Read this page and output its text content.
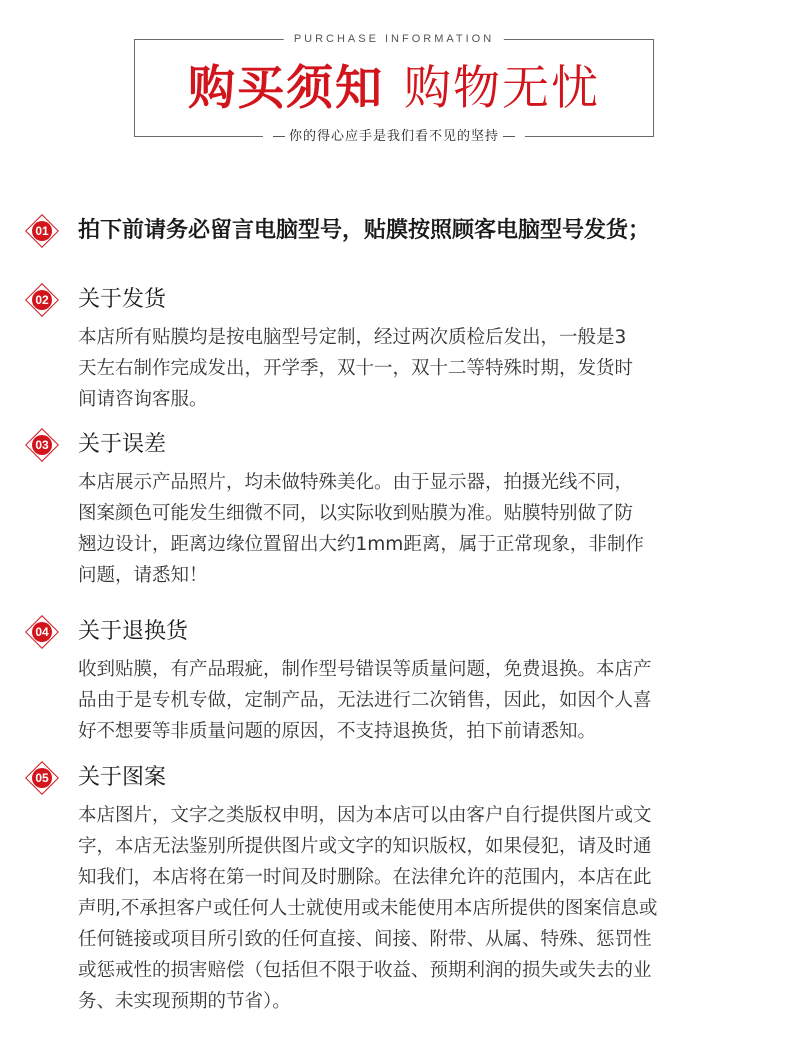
PURCHASE INFORMATION
购买须知 购物无忧
你的得心应手是我们看不见的坚持
01	拍下前请务必留言电脑型号，贴膜按照顾客电脑型号发货；
02	关于发货

本店所有贴膜均是按电脑型号定制，经过两次质检后发出，一般是3

天左右制作完成发出，开学季，双十一，双十二等特殊时期，发货时

间请咨询客服。

03	关于误差

本店展示产品照片，均未做特殊美化。由于显示器，拍摄光线不同，

图案颜色可能发生细微不同，以实际收到贴膜为准。贴膜特别做了防

翘边设计，距离边缘位置留出大约1mm距离，属于正常现象，非制作

问题，请悉知！

04	关于退换货

收到贴膜，有产品瑕疵，制作型号错误等质量问题，免费退换。本店产

品由于是专机专做，定制产品，无法进行二次销售，因此，如因个人喜

好不想要等非质量问题的原因，不支持退换货，拍下前请悉知。

05	关于图案

本店图片，文字之类版权申明，因为本店可以由客户自行提供图片或文

字，本店无法鉴别所提供图片或文字的知识版权，如果侵犯，请及时通

知我们，本店将在第一时间及时删除。在法律允许的范围内，本店在此

声明,不承担客户或任何人士就使用或未能使用本店所提供的图案信息或

任何链接或项目所引致的任何直接、间接、附带、从属、特殊、惩罚性

或惩戒性的损害赔偿（包括但不限于收益、预期利润的损失或失去的业

务、未实现预期的节省）。
